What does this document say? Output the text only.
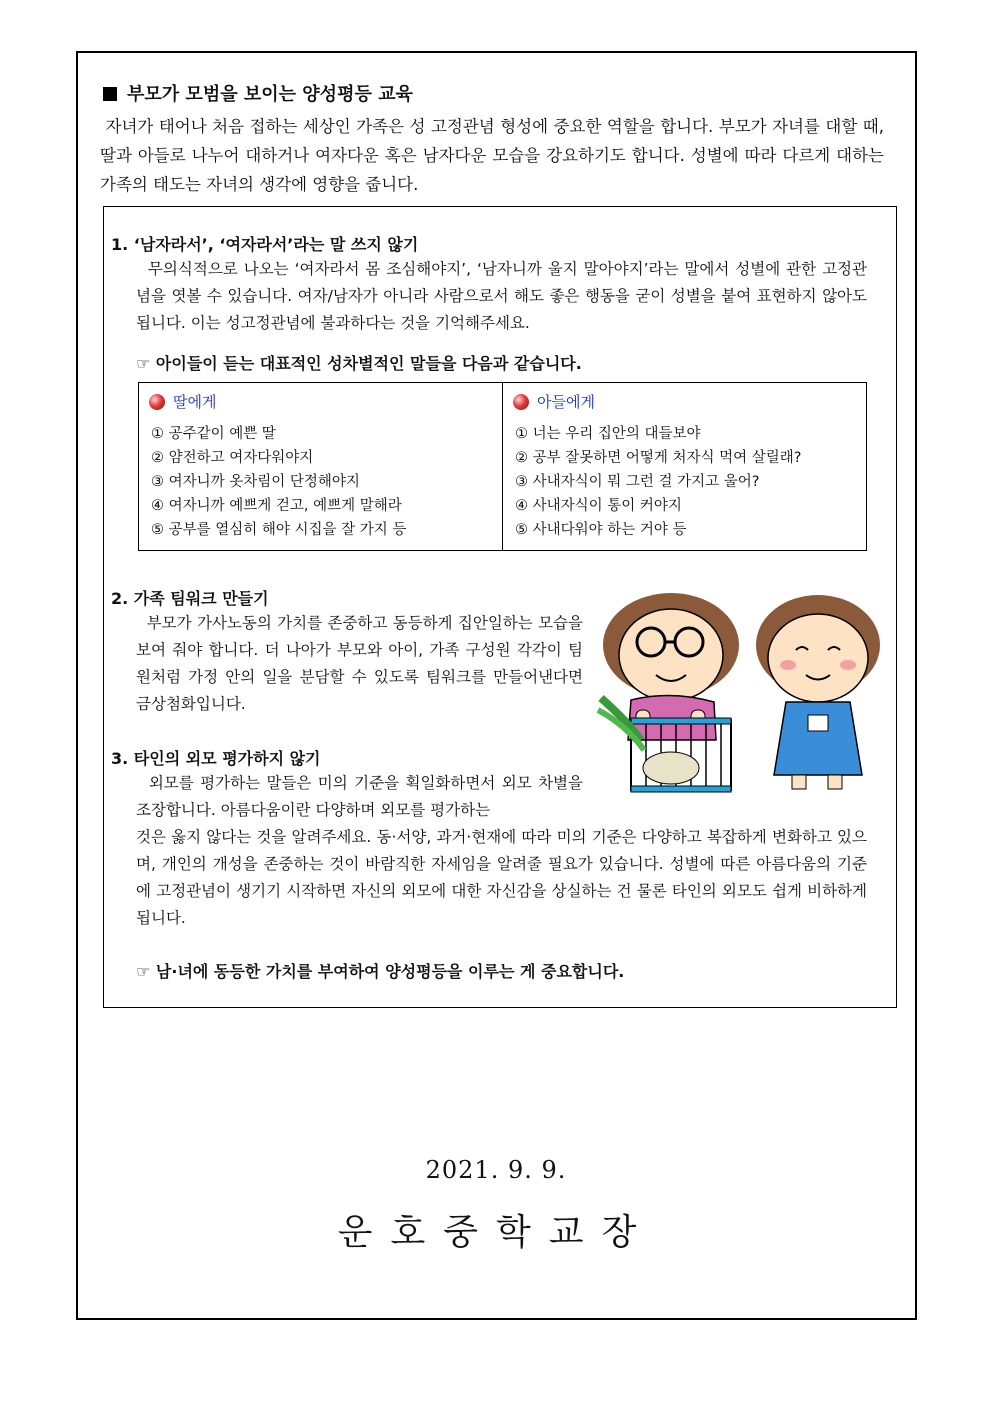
부모가 모범을 보이는 양성평등 교육
자녀가 태어나 처음 접하는 세상인 가족은 성 고정관념 형성에 중요한 역할을 합니다. 부모가 자녀를 대할 때, 딸과 아들로 나누어 대하거나 여자다운 혹은 남자다운 모습을 강요하기도 합니다. 성별에 따라 다르게 대하는 가족의 태도는 자녀의 생각에 영향을 줍니다.
1. ‘남자라서’, ‘여자라서’라는 말 쓰지 않기
무의식적으로 나오는 ‘여자라서 몸 조심해야지’, ‘남자니까 울지 말아야지’라는 말에서 성별에 관한 고정관념을 엿볼 수 있습니다. 여자/남자가 아니라 사람으로서 해도 좋은 행동을 굳이 성별을 붙여 표현하지 않아도 됩니다. 이는 성고정관념에 불과하다는 것을 기억해주세요.
☞ 아이들이 듣는 대표적인 성차별적인 말들을 다음과 같습니다.
딸에게
① 공주같이 예쁜 딸
② 얌전하고 여자다워야지
③ 여자니까 옷차림이 단정해야지
④ 여자니까 예쁘게 걷고, 예쁘게 말해라
⑤ 공부를 열심히 해야 시집을 잘 가지 등
아들에게
① 너는 우리 집안의 대들보야
② 공부 잘못하면 어떻게 처자식 먹여 살릴래?
③ 사내자식이 뭐 그런 걸 가지고 울어?
④ 사내자식이 통이 커야지
⑤ 사내다워야 하는 거야 등
2. 가족 팀워크 만들기
부모가 가사노동의 가치를 존중하고 동등하게 집안일하는 모습을 보여 줘야 합니다. 더 나아가 부모와 아이, 가족 구성원 각각이 팀원처럼 가정 안의 일을 분담할 수 있도록 팀워크를 만들어낸다면 금상첨화입니다.
3. 타인의 외모 평가하지 않기
외모를 평가하는 말들은 미의 기준을 획일화하면서 외모 차별을 조장합니다. 아름다움이란 다양하며 외모를 평가하는
것은 옳지 않다는 것을 알려주세요. 동·서양, 과거·현재에 따라 미의 기준은 다양하고 복잡하게 변화하고 있으며, 개인의 개성을 존중하는 것이 바람직한 자세임을 알려줄 필요가 있습니다. 성별에 따른 아름다움의 기준에 고정관념이 생기기 시작하면 자신의 외모에 대한 자신감을 상실하는 건 물론 타인의 외모도 쉽게 비하하게 됩니다.
☞ 남·녀에 동등한 가치를 부여하여 양성평등을 이루는 게 중요합니다.
2021. 9. 9.
운호중학교장
